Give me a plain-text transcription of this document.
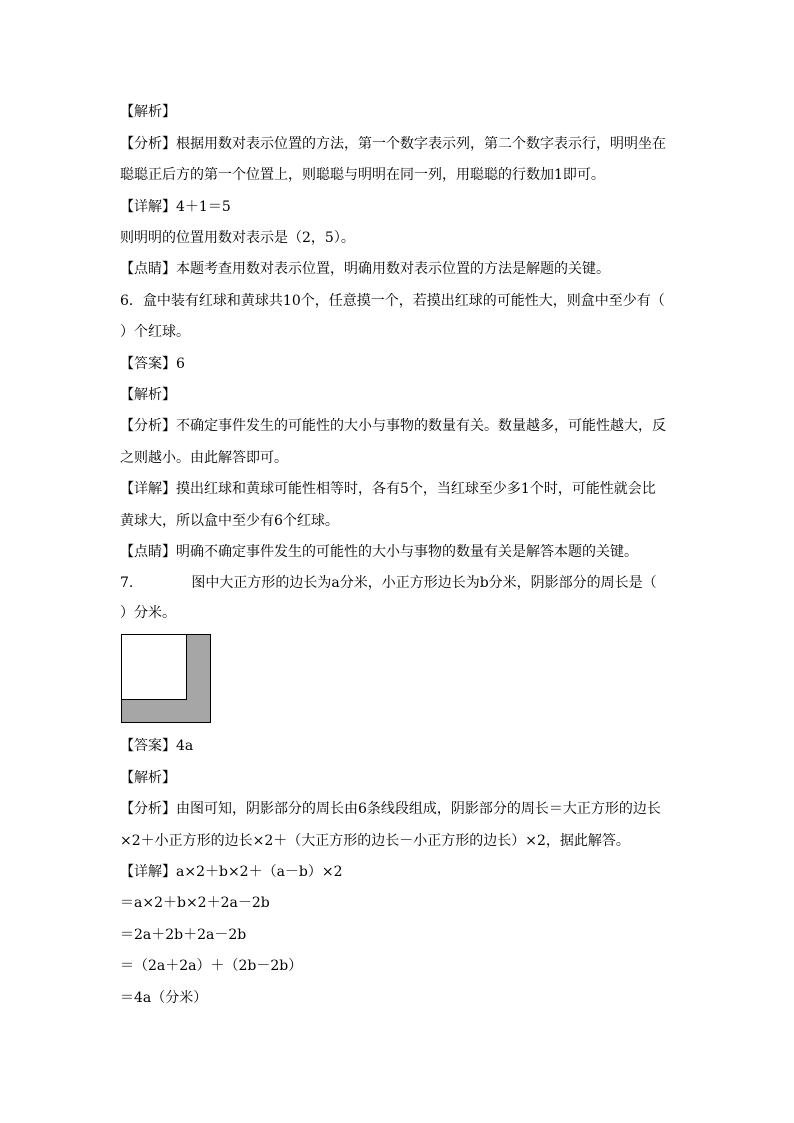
【解析】
【分析】根据用数对表示位置的方法，第一个数字表示列，第二个数字表示行，明明坐在
聪聪正后方的第一个位置上，则聪聪与明明在同一列，用聪聪的行数加1即可。
【详解】4＋1＝5
则明明的位置用数对表示是（2，5）。
【点睛】本题考查用数对表示位置，明确用数对表示位置的方法是解题的关键。
6．盒中装有红球和黄球共10个，任意摸一个，若摸出红球的可能性大，则盒中至少有（
）个红球。
【答案】6
【解析】
【分析】不确定事件发生的可能性的大小与事物的数量有关。数量越多，可能性越大，反
之则越小。由此解答即可。
【详解】摸出红球和黄球可能性相等时，各有5个，当红球至少多1个时，可能性就会比
黄球大，所以盒中至少有6个红球。
【点睛】明确不确定事件发生的可能性的大小与事物的数量有关是解答本题的关键。
7.	图中大正方形的边长为a分米，小正方形边长为b分米，阴影部分的周长是（
）分米。
【答案】4a
【解析】
【分析】由图可知，阴影部分的周长由6条线段组成，阴影部分的周长＝大正方形的边长
×2＋小正方形的边长×2＋（大正方形的边长－小正方形的边长）×2，据此解答。
【详解】a×2＋b×2＋（a－b）×2
＝a×2＋b×2＋2a－2b
＝2a＋2b＋2a－2b
＝（2a＋2a）＋（2b－2b）
＝4a（分米）
